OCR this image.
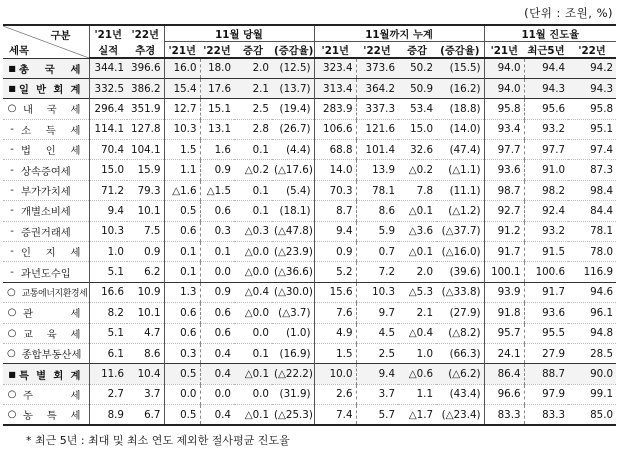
(단위 : 조원, %)
구분
세목	'21년	'22년	11월 당월				11월까지 누계				11월 진도율		
	실적	추경	'21년	'22년	증감	(증감율)	'21년	'22년	증감	(증감율)	'21년	최근5년	'22년

■ 총 국 세	344.1	396.6	16.0	18.0	2.0	(12.5)	323.4	373.6	50.2	(15.5)	94.0	94.4	94.2

■ 일 반 회 계	332.5	386.2	15.4	17.6	2.1	(13.7)	313.4	364.2	50.9	(16.2)	94.0	94.3	94.3

○ 내 국 세	296.4	351.9	12.7	15.1	2.5	(19.4)	283.9	337.3	53.4	(18.8)	95.8	95.6	95.8

- 소 득 세	114.1	127.8	10.3	13.1	2.8	(26.7)	106.6	121.6	15.0	(14.0)	93.4	93.2	95.1

- 법 인 세	70.4	104.1	1.5	1.6	0.1	(4.4)	68.8	101.4	32.6	(47.4)	97.7	97.7	97.4

- 상속증여세	15.0	15.9	1.1	0.9	△0.2	(△17.6)	14.0	13.9	△0.2	(△1.1)	93.6	91.0	87.3

- 부가가치세	71.2	79.3	△1.6	△1.5	0.1	(5.4)	70.3	78.1	7.8	(11.1)	98.7	98.2	98.4

- 개별소비세	9.4	10.1	0.5	0.6	0.1	(18.1)	8.7	8.6	△0.1	(△1.2)	92.7	92.4	84.4

- 증권거래세	10.3	7.5	0.6	0.3	△0.3	(△47.8)	9.4	5.9	△3.6	(△37.7)	91.2	93.2	78.1

- 인 지 세	1.0	0.9	0.1	0.1	△0.0	(△23.9)	0.9	0.7	△0.1	(△16.0)	91.7	91.5	78.0

- 과년도수입	5.1	6.2	0.1	0.0	△0.0	(△36.6)	5.2	7.2	2.0	(39.6)	100.1	100.6	116.9

○ 교통에너지환경세	16.6	10.9	1.3	0.9	△0.4	(△30.0)	15.6	10.3	△5.3	(△33.8)	93.9	91.7	94.6

○ 관 세	8.2	10.1	0.6	0.6	△0.0	(△3.7)	7.6	9.7	2.1	(27.9)	91.8	93.6	96.1

○ 교 육 세	5.1	4.7	0.6	0.6	0.0	(1.0)	4.9	4.5	△0.4	(△8.2)	95.7	95.5	94.8

○ 종합부동산세	6.1	8.6	0.3	0.4	0.1	(16.9)	1.5	2.5	1.0	(66.3)	24.1	27.9	28.5

■ 특 별 회 계	11.6	10.4	0.5	0.4	△0.1	(△22.2)	10.0	9.4	△0.6	(△6.2)	86.4	88.7	90.0

○ 주 세	2.7	3.7	0.0	0.0	0.0	(31.9)	2.6	3.7	1.1	(43.4)	96.6	97.9	99.1

○ 농 특 세	8.9	6.7	0.5	0.4	△0.1	(△25.3)	7.4	5.7	△1.7	(△23.4)	83.3	83.3	85.0
* 최근 5년 : 최대 및 최소 연도 제외한 절사평균 진도율
